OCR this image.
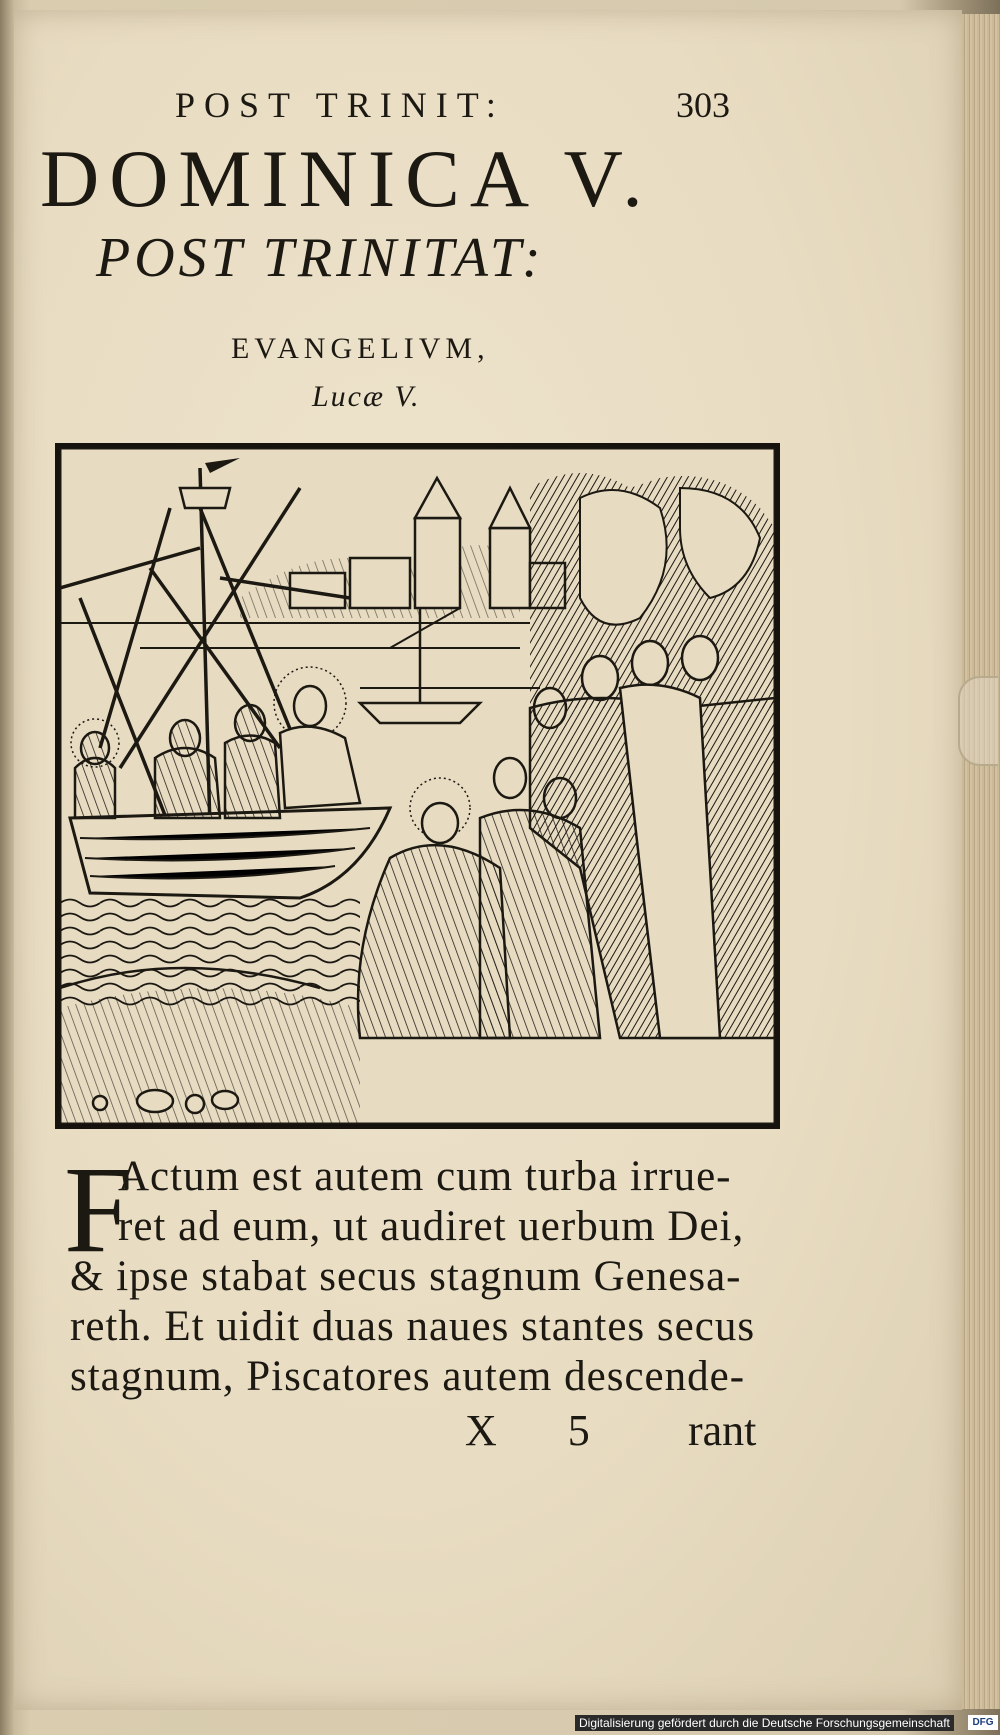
POST TRINIT:	303
DOMINICA V.
POST TRINITAT:
EVANGELIVM,
Lucæ V.
F
Actum est autem cum turba irrue-
ret ad eum, ut audiret uerbum Dei,
& ipse stabat secus stagnum Genesa-
reth. Et uidit duas naues stantes secus
stagnum, Piscatores autem descende-
X 5 rant
Digitalisierung gefördert durch die Deutsche Forschungsgemeinschaft	DFG
